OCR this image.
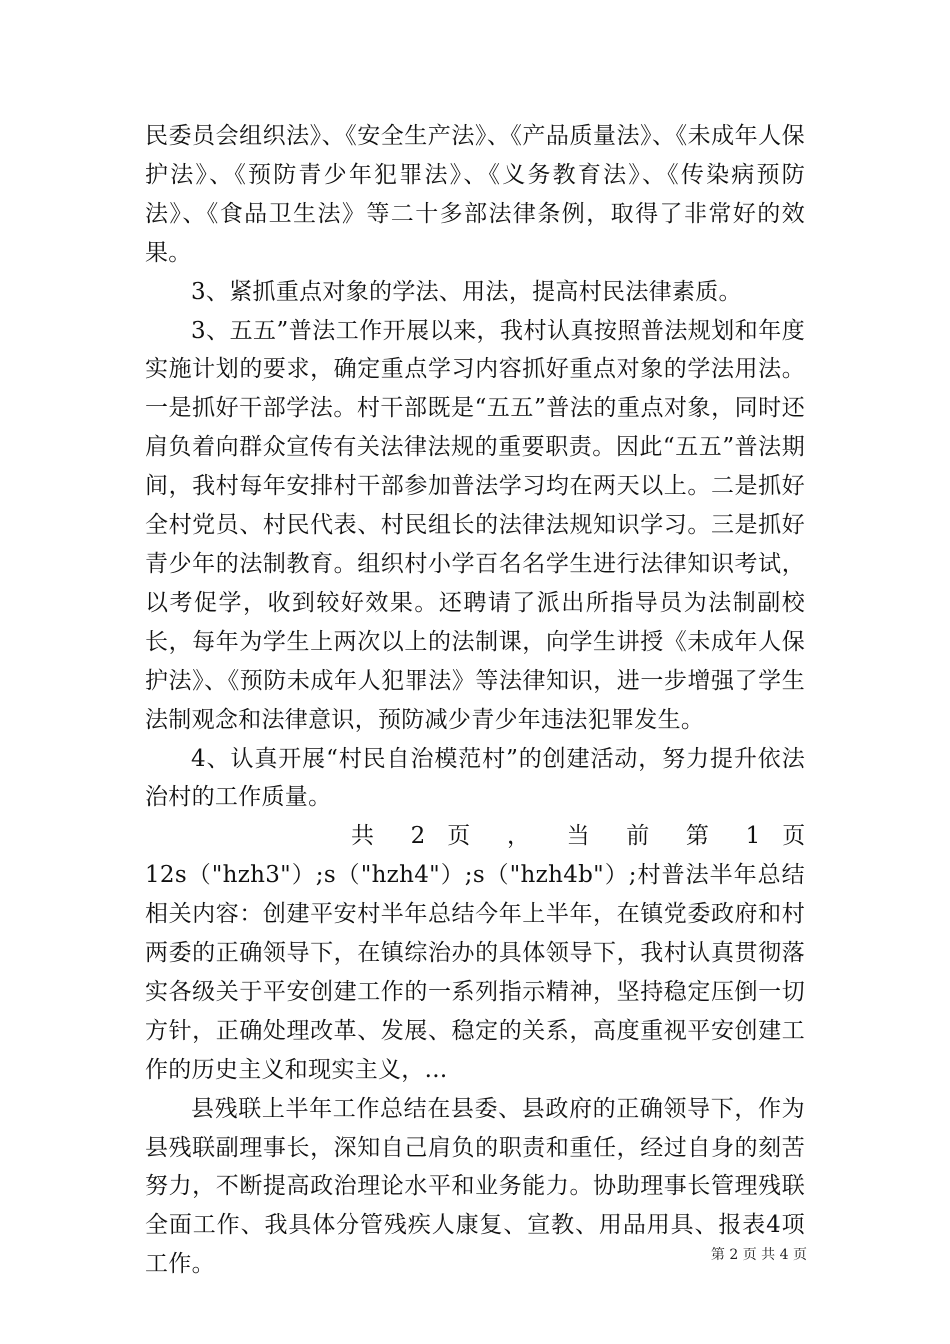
民委员会组织法》、《安全生产法》、《产品质量法》、《未成年人保护法》、《预防青少年犯罪法》、《义务教育法》、《传染病预防法》、《食品卫生法》等二十多部法律条例，取得了非常好的效果。

3、紧抓重点对象的学法、用法，提高村民法律素质。

3、五五”普法工作开展以来，我村认真按照普法规划和年度实施计划的要求，确定重点学习内容抓好重点对象的学法用法。一是抓好干部学法。村干部既是“五五”普法的重点对象，同时还肩负着向群众宣传有关法律法规的重要职责。因此“五五”普法期间，我村每年安排村干部参加普法学习均在两天以上。二是抓好全村党员、村民代表、村民组长的法律法规知识学习。三是抓好青少年的法制教育。组织村小学百名名学生进行法律知识考试，以考促学，收到较好效果。还聘请了派出所指导员为法制副校长，每年为学生上两次以上的法制课，向学生讲授《未成年人保护法》、《预防未成年人犯罪法》等法律知识，进一步增强了学生法制观念和法律意识，预防减少青少年违法犯罪发生。

4、认真开展“村民自治模范村”的创建活动，努力提升依法治村的工作质量。

共 2 页 ， 当 前 第 1 页

12s（"hzh3"）;s（"hzh4"）;s（"hzh4b"）;村普法半年总结相关内容：创建平安村半年总结今年上半年，在镇党委政府和村两委的正确领导下，在镇综治办的具体领导下，我村认真贯彻落实各级关于平安创建工作的一系列指示精神，坚持稳定压倒一切方针，正确处理改革、发展、稳定的关系，高度重视平安创建工作的历史主义和现实主义，...

县残联上半年工作总结在县委、县政府的正确领导下，作为县残联副理事长，深知自己肩负的职责和重任，经过自身的刻苦努力，不断提高政治理论水平和业务能力。协助理事长管理残联全面工作、我具体分管残疾人康复、宣教、用品用具、报表4项工作。	第 2 页 共 4 页
